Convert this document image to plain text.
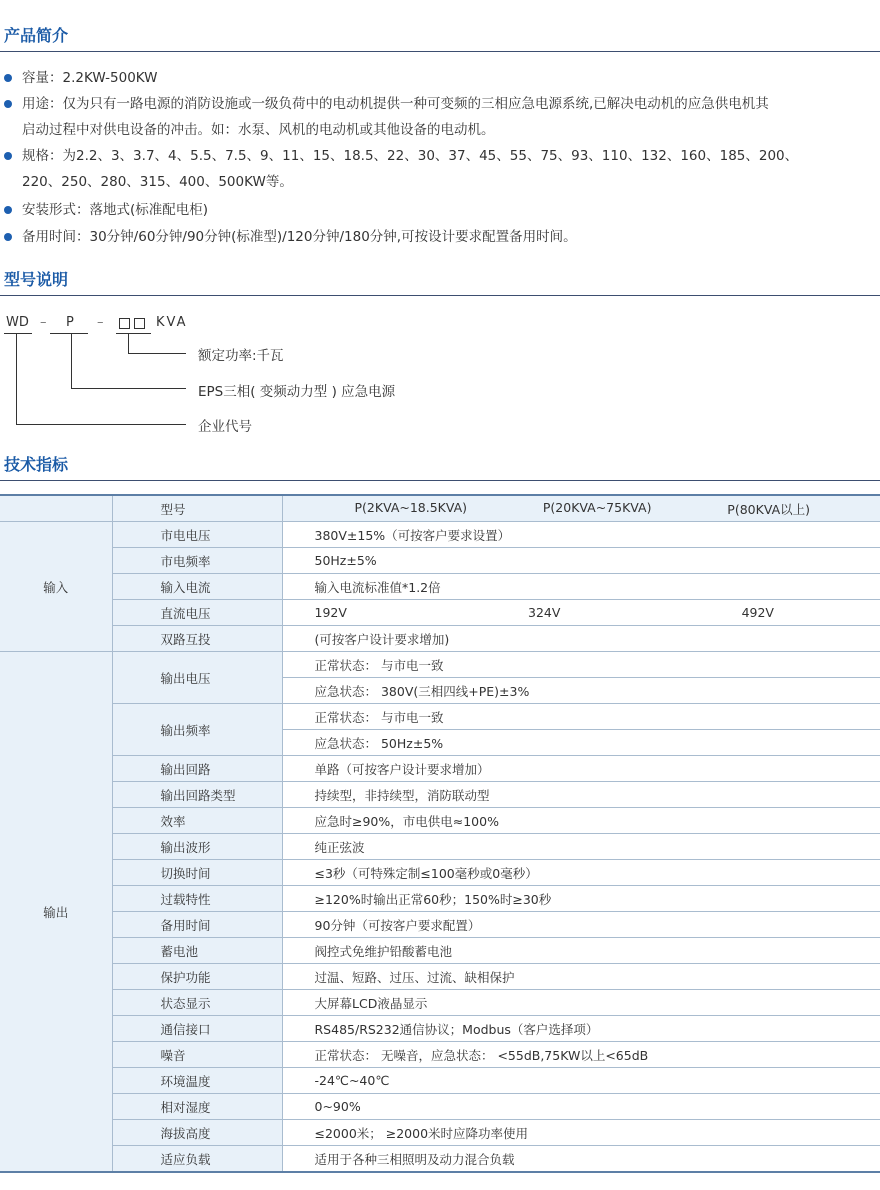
产品简介
容量：2.2KW-500KW
用途：仅为只有一路电源的消防设施或一级负荷中的电动机提供一种可变频的三相应急电源系统,已解决电动机的应急供电机其
启动过程中对供电设备的冲击。如：水泵、风机的电动机或其他设备的电动机。
规格：为2.2、3、3.7、4、5.5、7.5、9、11、15、18.5、22、30、37、45、55、75、93、110、132、160、185、200、
220、250、280、315、400、500KW等。
安装形式：落地式(标准配电柜)
备用时间：30分钟/60分钟/90分钟(标准型)/120分钟/180分钟,可按设计要求配置备用时间。
型号说明
WD – P –	KVA
额定功率:千瓦
EPS三相( 变频动力型 ) 应急电源
企业代号
技术指标
	型号	P(2KVA~18.5KVA) P(20KVA~75KVA) P(80KVA以上)

输入	市电电压	380V±15%（可按客户要求设置）
	市电频率	50Hz±5%
	输入电流	输入电流标准值*1.2倍
	直流电压	192V 324V 492V

	双路互投	(可按客户设计要求增加)
输出	输出电压	正常状态： 与市电一致
		应急状态： 380V(三相四线+PE)±3%
	输出频率	正常状态： 与市电一致
		应急状态： 50Hz±5%
	输出回路	单路（可按客户设计要求增加）
	输出回路类型	持续型，非持续型，消防联动型
	效率	应急时≥90%，市电供电≈100%
	输出波形	纯正弦波
	切换时间	≤3秒（可特殊定制≤100毫秒或0毫秒）
	过载特性	≥120%时输出正常60秒；150%时≥30秒
	备用时间	90分钟（可按客户要求配置）
	蓄电池	阀控式免维护铅酸蓄电池
	保护功能	过温、短路、过压、过流、缺相保护
	状态显示	大屏幕LCD液晶显示
	通信接口	RS485/RS232通信协议；Modbus（客户选择项）
	噪音	正常状态： 无噪音，应急状态： <55dB,75KW以上<65dB
	环境温度	-24℃~40℃
	相对湿度	0~90%
	海拔高度	≤2000米； ≥2000米时应降功率使用
	适应负载	适用于各种三相照明及动力混合负载
